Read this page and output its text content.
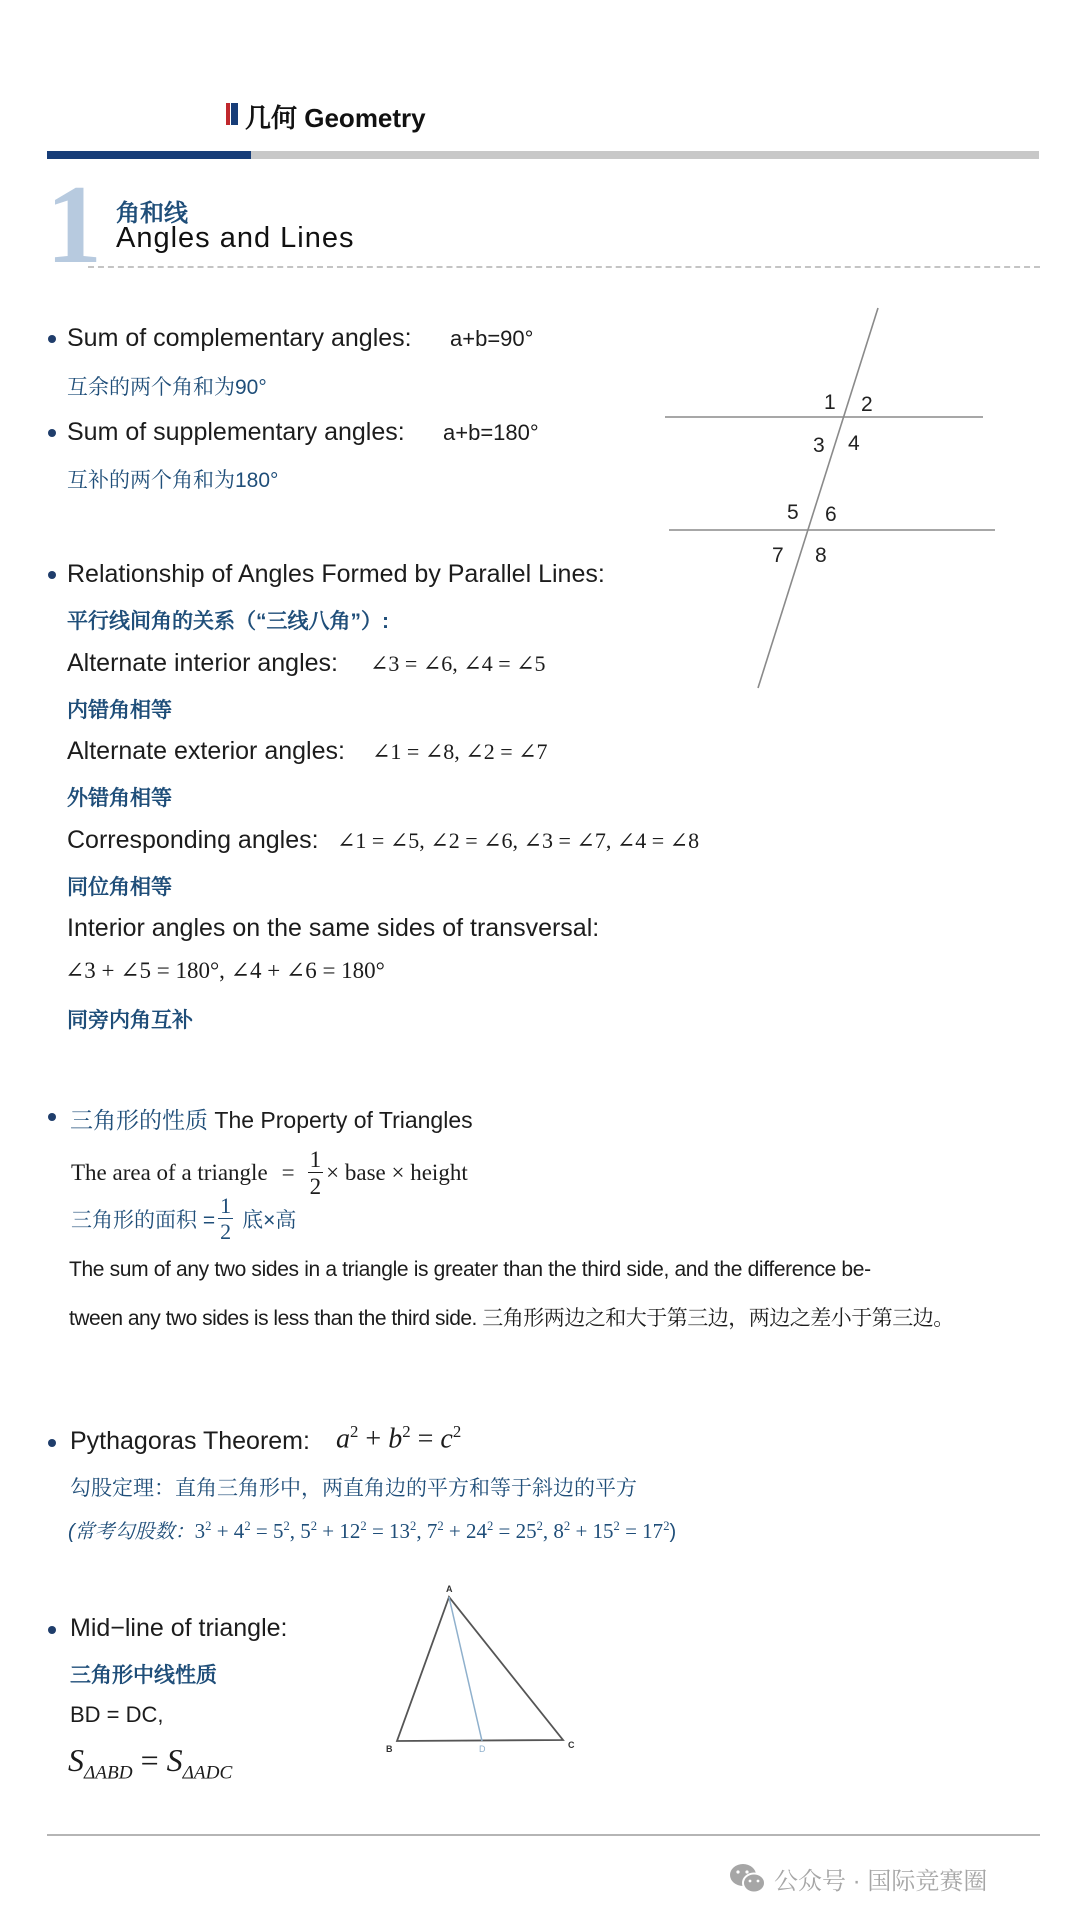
几何 Geometry
1 角和线
Angles and Lines
Sum of complementary angles: a+b=90°
互余的两个角和为90°
Sum of supplementary angles: a+b=180°
互补的两个角和为180°
Relationship of Angles Formed by Parallel Lines:
平行线间角的关系（“三线八角”）:
Alternate interior angles: ∠3 = ∠6, ∠4 = ∠5
内错角相等
Alternate exterior angles: ∠1 = ∠8, ∠2 = ∠7
外错角相等
Corresponding angles: ∠1 = ∠5, ∠2 = ∠6, ∠3 = ∠7, ∠4 = ∠8
同位角相等
Interior angles on the same sides of transversal:
∠3 + ∠5 = 180°, ∠4 + ∠6 = 180°
同旁内角互补
1 2
3 4
5 6
7 8
三角形的性质 The Property of Triangles
The area of a triangle = $\frac{1}{2}$ × base × height
三角形的面积 = $\frac{1}{2}$ 底×高
The sum of any two sides in a triangle is greater than the third side, and the difference be-
tween any two sides is less than the third side. 三角形两边之和大于第三边，两边之差小于第三边。
Pythagoras Theorem: $a^2 + b^2 = c^2$
勾股定理：直角三角形中，两直角边的平方和等于斜边的平方
(常考勾股数：$3^2 + 4^2 = 5^2$, $5^2 + 12^2 = 13^2$, $7^2 + 24^2 = 25^2$, $8^2 + 15^2 = 17^2$)
Mid−line of triangle:
三角形中线性质
BD = DC,
$S_{\Delta ABD} = S_{\Delta ADC}$
A
B	C
D
公众号 · 国际竞赛圈
